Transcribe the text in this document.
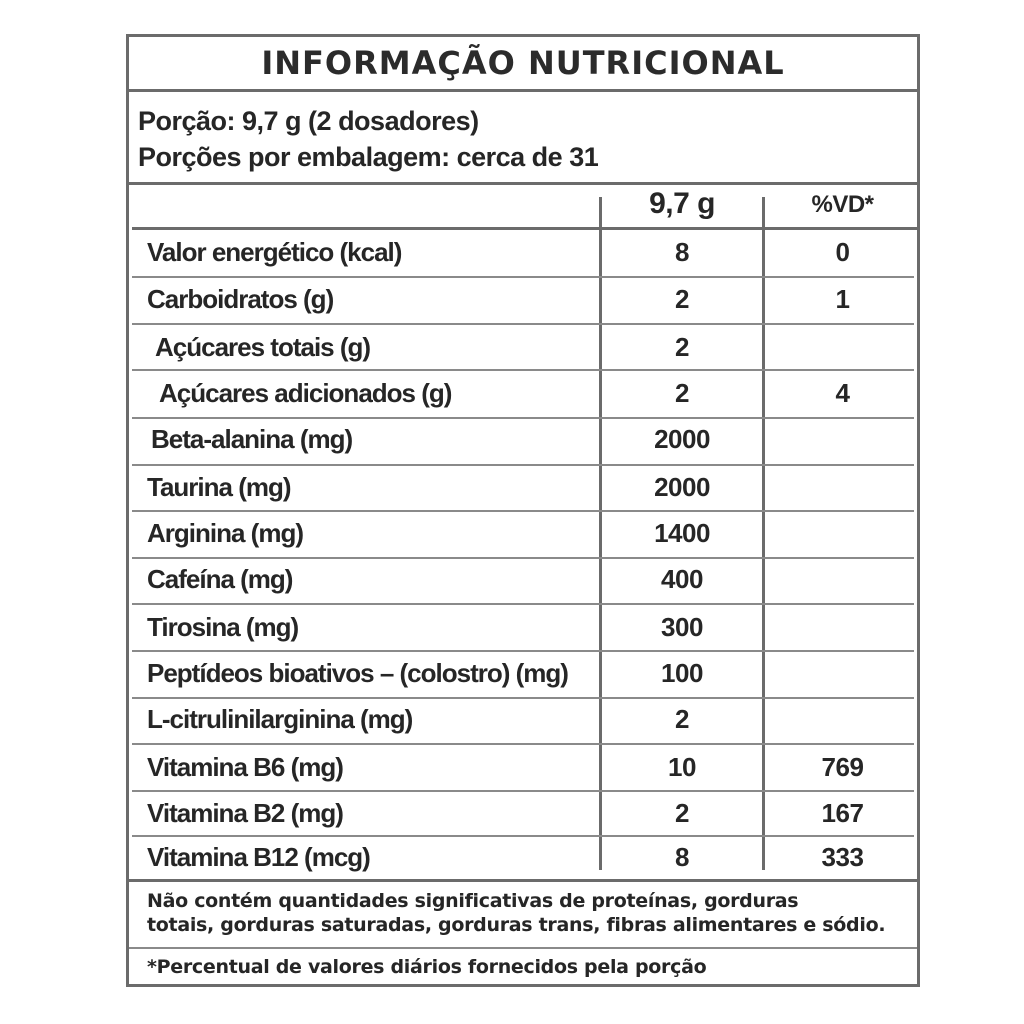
INFORMAÇÃO NUTRICIONAL
Porção: 9,7 g (2 dosadores)
Porções por embalagem: cerca de 31
9,7 g	%VD*
Valor energético (kcal)	8	0
Carboidratos (g)	2	1
Açúcares totais (g)	2
Açúcares adicionados (g)	2	4
Beta-alanina (mg)	2000
Taurina (mg)	2000
Arginina (mg)	1400
Cafeína (mg)	400
Tirosina (mg)	300
Peptídeos bioativos – (colostro) (mg)	100
L-citrulinilarginina (mg)	2
Vitamina B6 (mg)	10	769
Vitamina B2 (mg)	2	167
Vitamina B12 (mcg)	8	333
Não contém quantidades significativas de proteínas, gorduras
totais, gorduras saturadas, gorduras trans, fibras alimentares e sódio.
*Percentual de valores diários fornecidos pela porção
